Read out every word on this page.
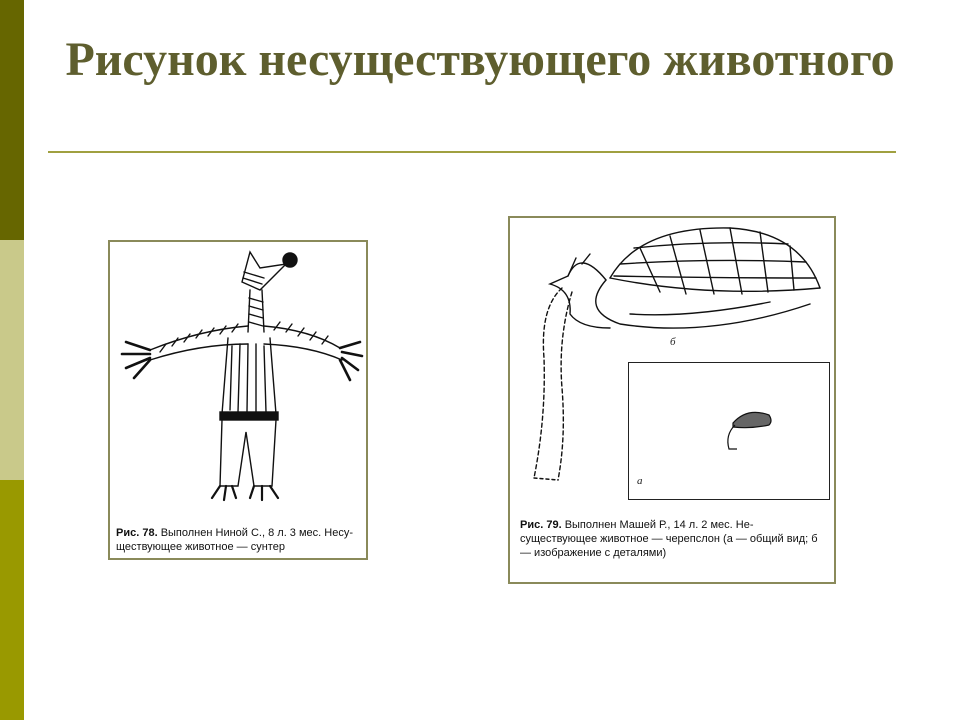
Рисунок несуществующего животного
Рис. 78. Выполнен Ниной С., 8 л. 3 мес. Несу-ществующее животное — сунтер
б
а
Рис. 79. Выполнен Машей Р., 14 л. 2 мес. Не-существующее животное — черепслон (а — общий вид; б — изображение с деталями)
